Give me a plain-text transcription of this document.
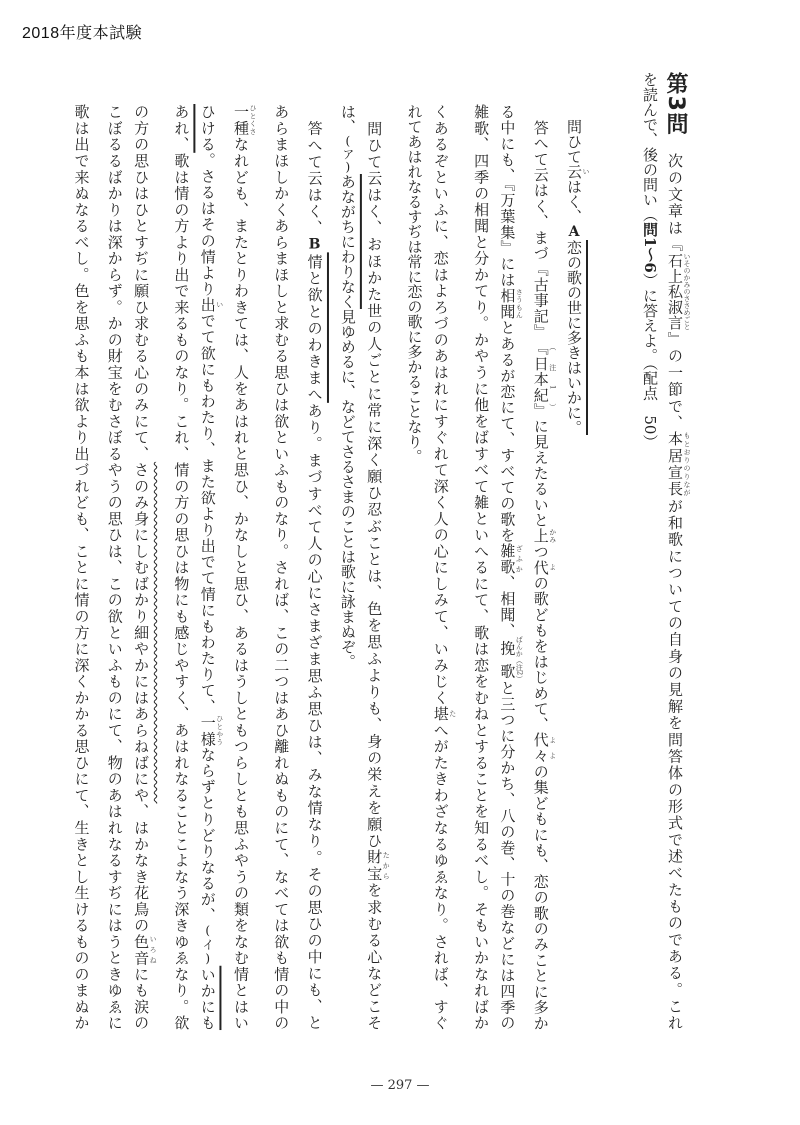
2018年度本試験
第3問　次の文章は『石上私淑言 いそのかみのささめごと』の一節で、本居宣長 もとおりのりながが和歌についての自身の見解を問答体の形式で述べたものである。これ
を読んで、後の問い（問1〜6）に答えよ。（配点　50）
　問ひて云 いはく、A恋の歌の世に多きはいかに。
　答へて云はく、まづ『古事記』『日本紀』 （注1）に見えたるいと上 かみつ代 よの歌どもをはじめて、代々 よよの集どもにも、恋の歌のみことに多か
る中にも、『万葉集』には相聞 さうもんとあるが恋にて、すべての歌を雑歌 ざふか、相聞、挽歌 ばんか（注2）と三つに分かち、八の巻、十の巻などには四季の
雑歌、四季の相聞と分かてり。かやうに他をばすべて雑といへるにて、歌は恋をむねとすることを知るべし。そもいかなればか
くあるぞといふに、恋はよろづのあはれにすぐれて深く人の心にしみて、いみじく堪 たへがたきわざなるゆゑなり。されば、すぐ
れてあはれなるすぢは常に恋の歌に多かることなり。
　問ひて云はく、おほかた世の人ごとに常に深く願ひ忍ぶことは、色を思ふよりも、身の栄えを願ひ財宝 たからを求むる心などこそ
は、(ア)あながちにわりなく見ゆめるに、などてさるさまのことは歌に詠まぬぞ。
　答へて云はく、B情と欲とのわきまへあり。まづすべて人の心にさまざま思ふ思ひは、みな情なり。その思ひの中にも、と
あらまほしかくあらまほしと求むる思ひは欲といふものなり。されば、この二つはあひ離れぬものにて、なべては欲も情の中の
一種 ひとくさなれども、またとりわきては、人をあはれと思ひ、かなしと思ひ、あるはうしともつらしとも思ふやうの類をなむ情とはい
ひける。さるはその情より出 いでて欲にもわたり、また欲より出でて情にもわたりて、一様 ひとやうならずとりどりなるが、(イ)いかにも
あれ、歌は情の方より出で来るものなり。これ、情の方の思ひは物にも感じやすく、あはれなることこよなう深きゆゑなり。欲
の方の思ひはひとすぢに願ひ求むる心のみにて、さのみ身にしむばかり細やかにはあらねばにや、はかなき花鳥の色音 いろねにも涙の
こぼるるばかりは深からず。かの財宝をむさぼるやうの思ひは、この欲といふものにて、物のあはれなるすぢにはうときゆゑに
歌は出で来ぬなるべし。色を思ふも本は欲より出づれども、ことに情の方に深くかかる思ひにて、生きとし生けるもののまぬか
— 297 —
